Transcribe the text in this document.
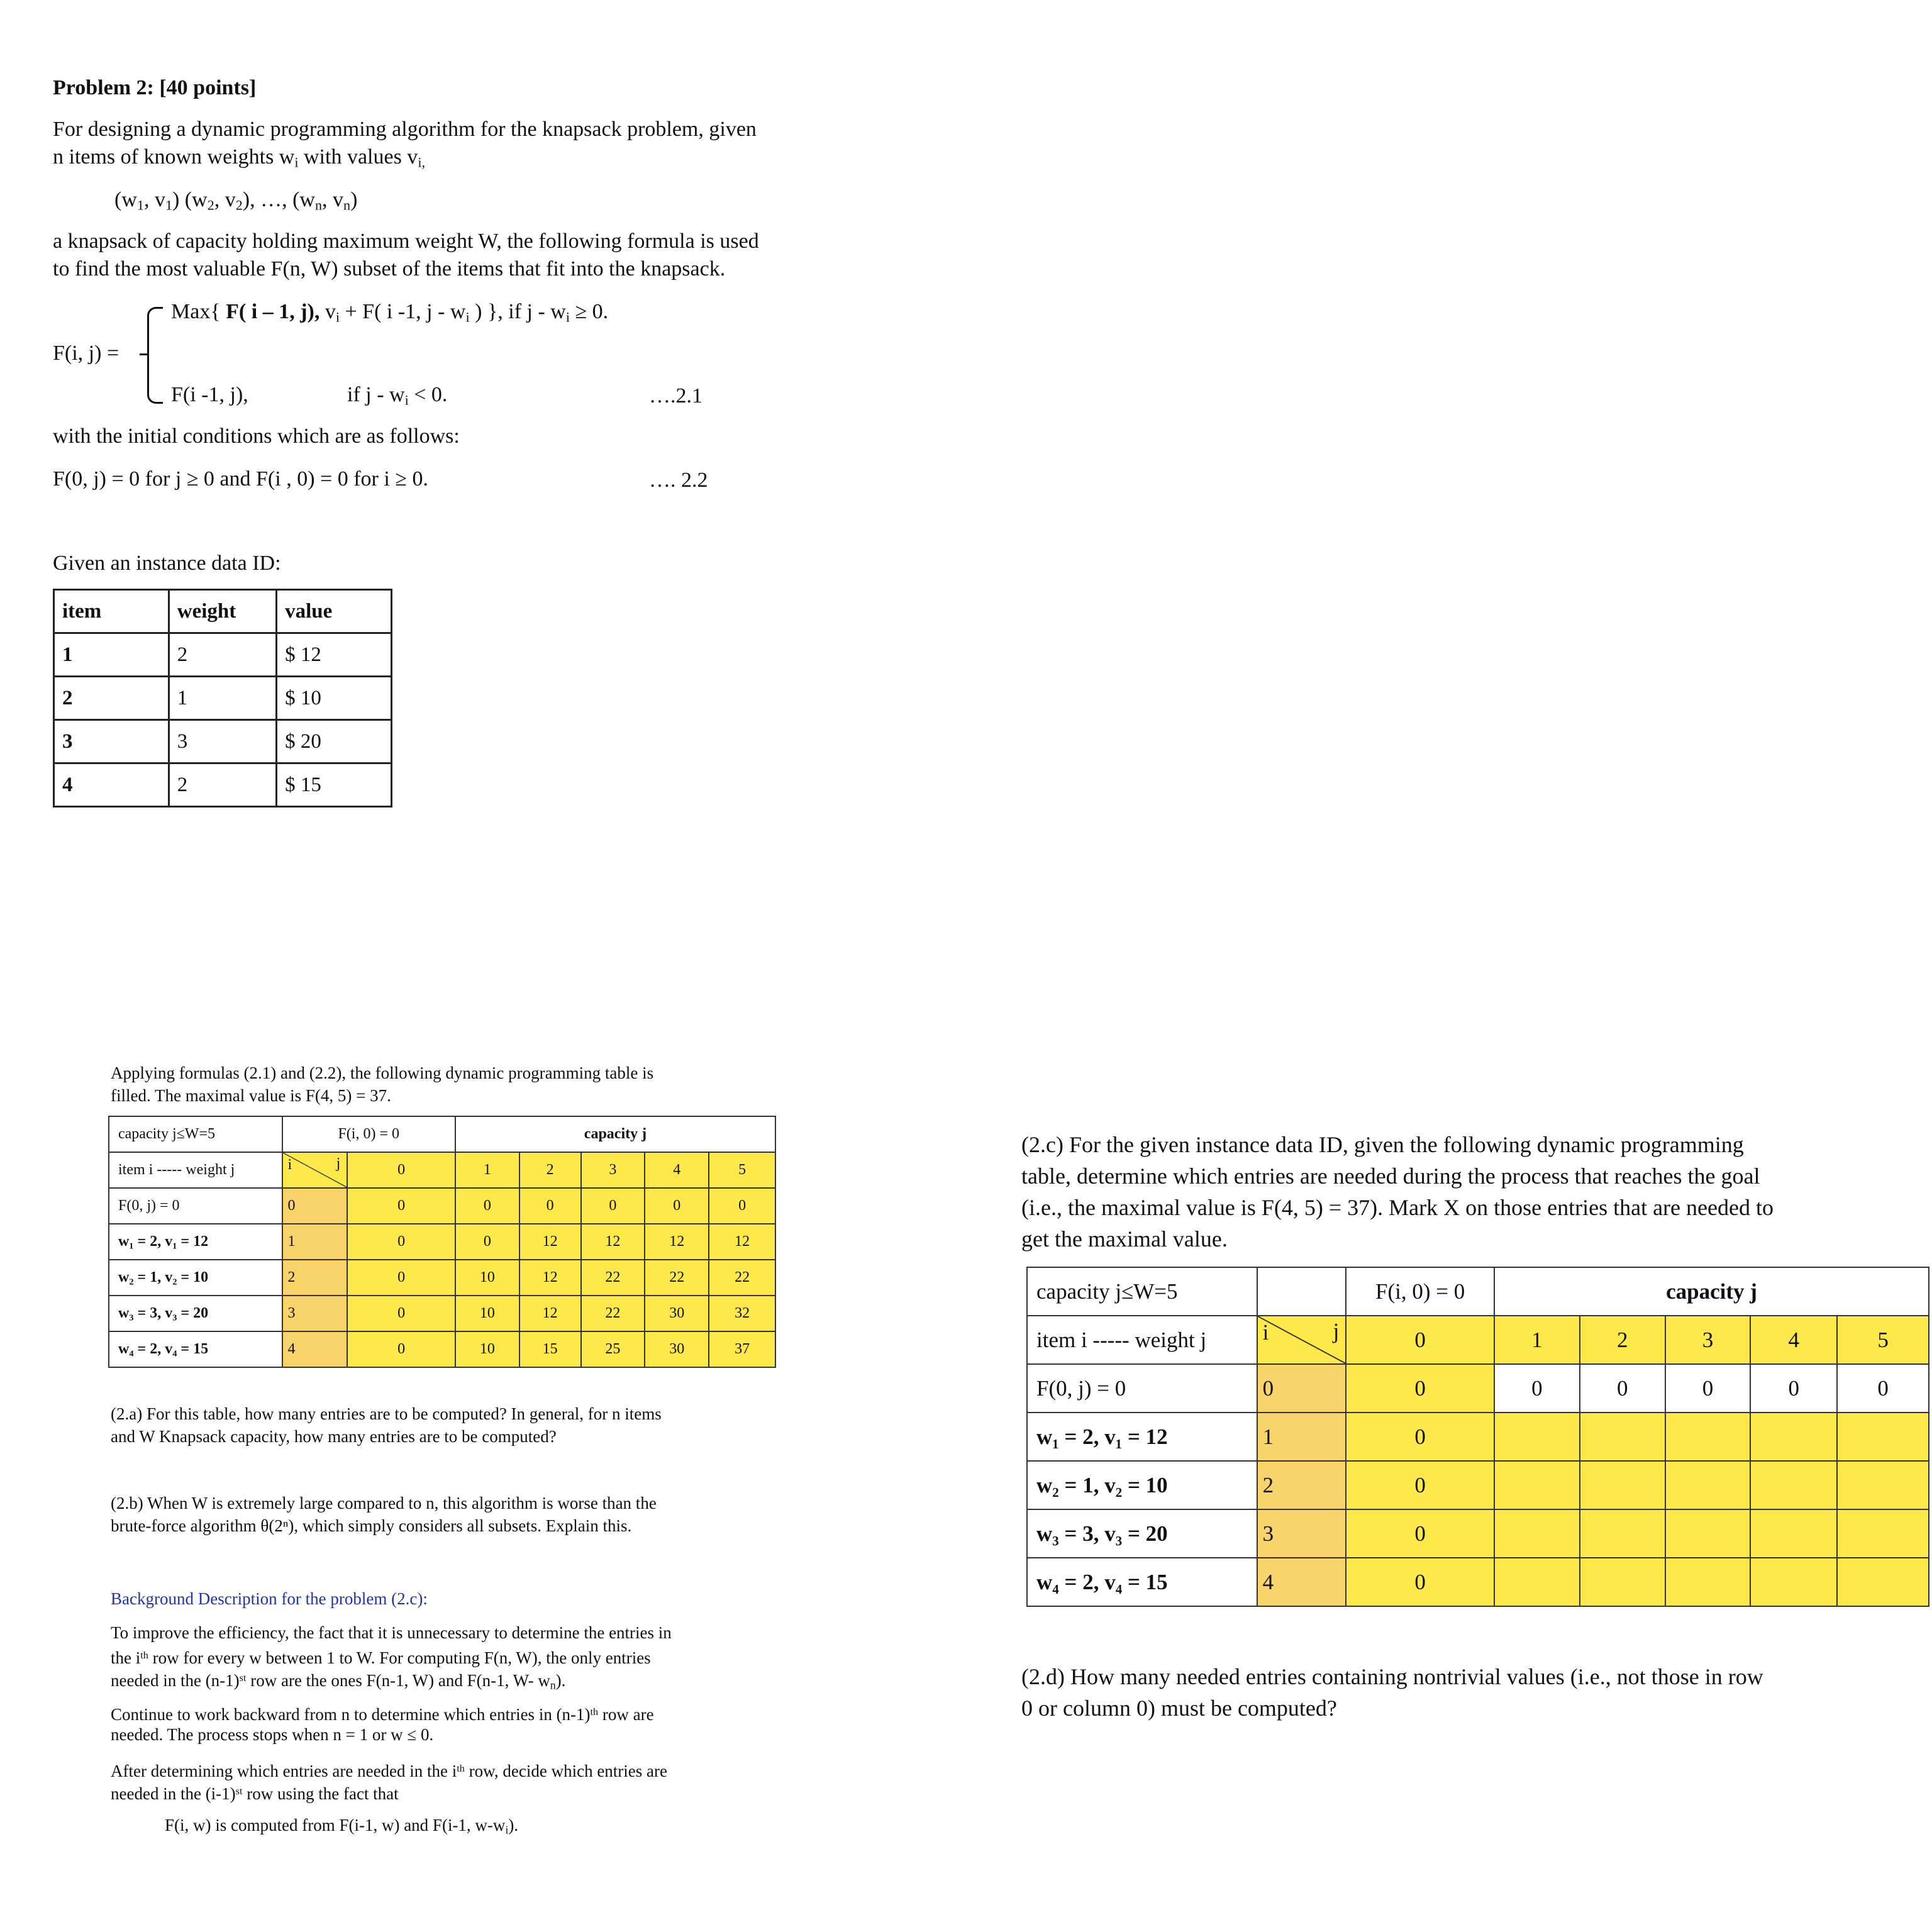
Problem 2: [40 points]
For designing a dynamic programming algorithm for the knapsack problem, given
n items of known weights $w_i$ with values $v_{i,}$
($w_1$, $v_1$) ($w_2$, $v_2$), …, ($w_n$, $v_n$)
a knapsack of capacity holding maximum weight W, the following formula is used
to find the most valuable F(n, W) subset of the items that fit into the knapsack.
F(i, j) =
Max{ F( i – 1, j), $v_i + F$( i -1, j - $w_i$ ) }, if $j - w_i \ge 0$.
F(i -1, j),	if $j - w_i < 0$.	….2.1
with the initial conditions which are as follows:
F(0, j) = 0 for j ≥ 0 and F(i , 0) = 0 for i ≥ 0.	…. 2.2
Given an instance data ID:
item	weight	value
1	2	$ 12
2	1	$ 10
3	3	$ 20
4	2	$ 15
Applying formulas (2.1) and (2.2), the following dynamic programming table is
filled. The maximal value is F(4, 5) = 37.
capacity j≤W=5	F(i, 0) = 0		capacity j				
item i ----- weight j	i j	0	1	2	3	4	5
F(0, j) = 0	0	0	0	0	0	0	0
w₁ = 2, v₁ = 12	1	0	0	12	12	12	12
w₂ = 1, v₂ = 10	2	0	10	12	22	22	22
w₃ = 3, v₃ = 20	3	0	10	12	22	30	32
w₄ = 2, v₄ = 15	4	0	10	15	25	30	37
(2.a) For this table, how many entries are to be computed? In general, for n items
and W Knapsack capacity, how many entries are to be computed?
(2.b) When W is extremely large compared to n, this algorithm is worse than the
brute-force algorithm θ(2ⁿ), which simply considers all subsets. Explain this.
Background Description for the problem (2.c):
To improve the efficiency, the fact that it is unnecessary to determine the entries in
the $i^{th}$ row for every w between 1 to W. For computing F(n, W), the only entries
needed in the $(n-1)^{st}$ row are the ones F(n-1, W) and F(n-1, W- $w_n$).
Continue to work backward from n to determine which entries in $(n-1)^{th}$ row are
needed. The process stops when n = 1 or w ≤ 0.
After determining which entries are needed in the $i^{th}$ row, decide which entries are
needed in the $(i-1)^{st}$ row using the fact that
F(i, w) is computed from F(i-1, w) and F(i-1, $w-w_i$).
(2.c) For the given instance data ID, given the following dynamic programming
table, determine which entries are needed during the process that reaches the goal
(i.e., the maximal value is F(4, 5) = 37). Mark X on those entries that are needed to
get the maximal value.
capacity j≤W=5		F(i, 0) = 0	capacity j				
item i ----- weight j	i j	0	1	2	3	4	5
F(0, j) = 0	0	0	0	0	0	0	0
w₁ = 2, v₁ = 12	1	0					
w₂ = 1, v₂ = 10	2	0					
w₃ = 3, v₃ = 20	3	0					
w₄ = 2, v₄ = 15	4	0					
(2.d) How many needed entries containing nontrivial values (i.e., not those in row
0 or column 0) must be computed?
